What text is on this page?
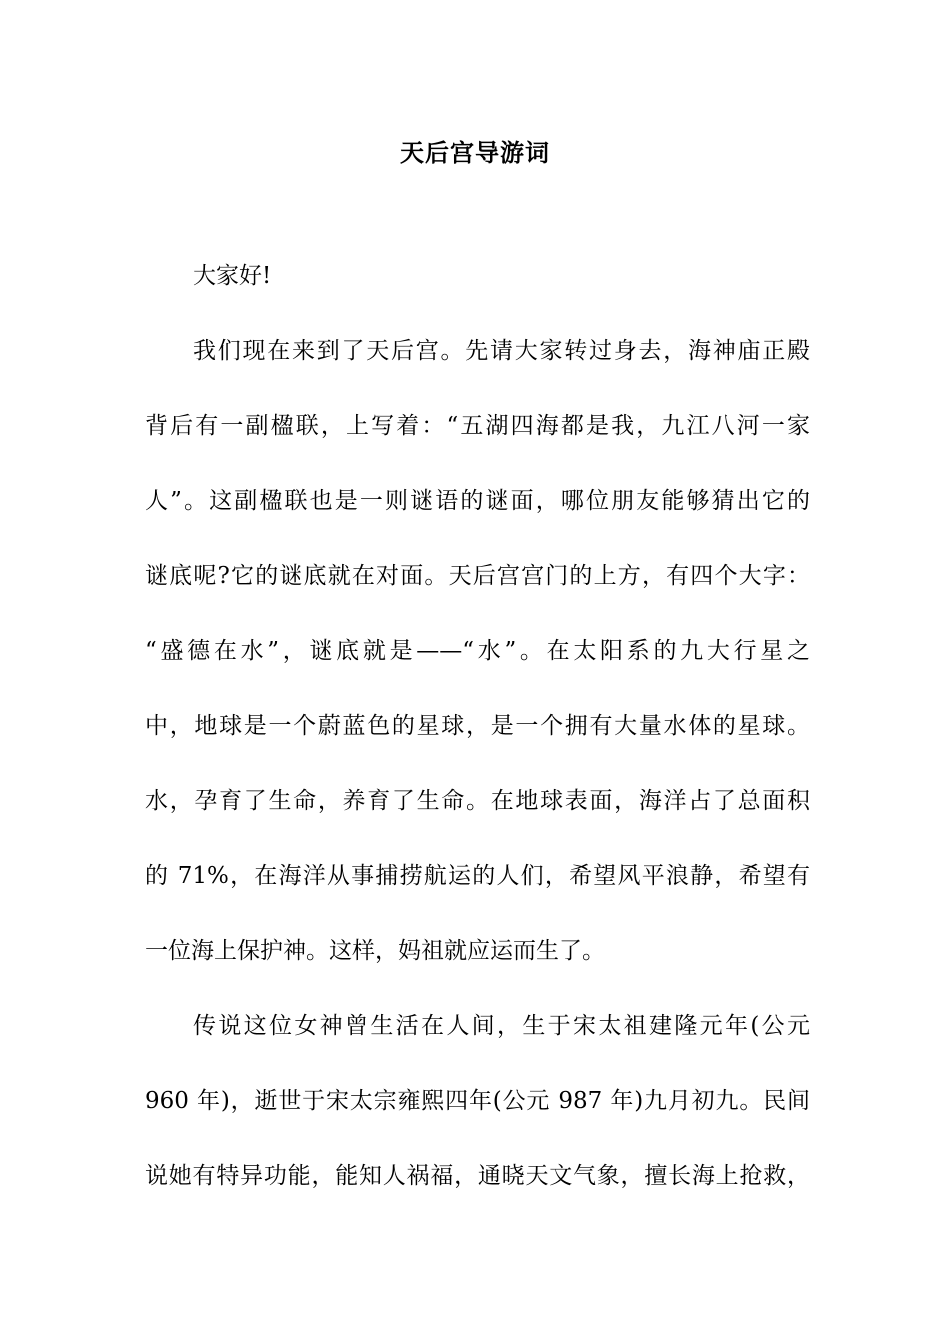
天后宫导游词
大家好!
我们现在来到了天后宫。先请大家转过身去，海神庙正殿
背后有一副楹联，上写着：“五湖四海都是我，九江八河一家
人”。这副楹联也是一则谜语的谜面，哪位朋友能够猜出它的
谜底呢?它的谜底就在对面。天后宫宫门的上方，有四个大字：
“盛德在水”，谜底就是——“水”。在太阳系的九大行星之
中，地球是一个蔚蓝色的星球，是一个拥有大量水体的星球。
水，孕育了生命，养育了生命。在地球表面，海洋占了总面积
的 71%，在海洋从事捕捞航运的人们，希望风平浪静，希望有
一位海上保护神。这样，妈祖就应运而生了。
传说这位女神曾生活在人间，生于宋太祖建隆元年(公元
960 年)，逝世于宋太宗雍熙四年(公元 987 年)九月初九。民间
说她有特异功能，能知人祸福，通晓天文气象，擅长海上抢救，
